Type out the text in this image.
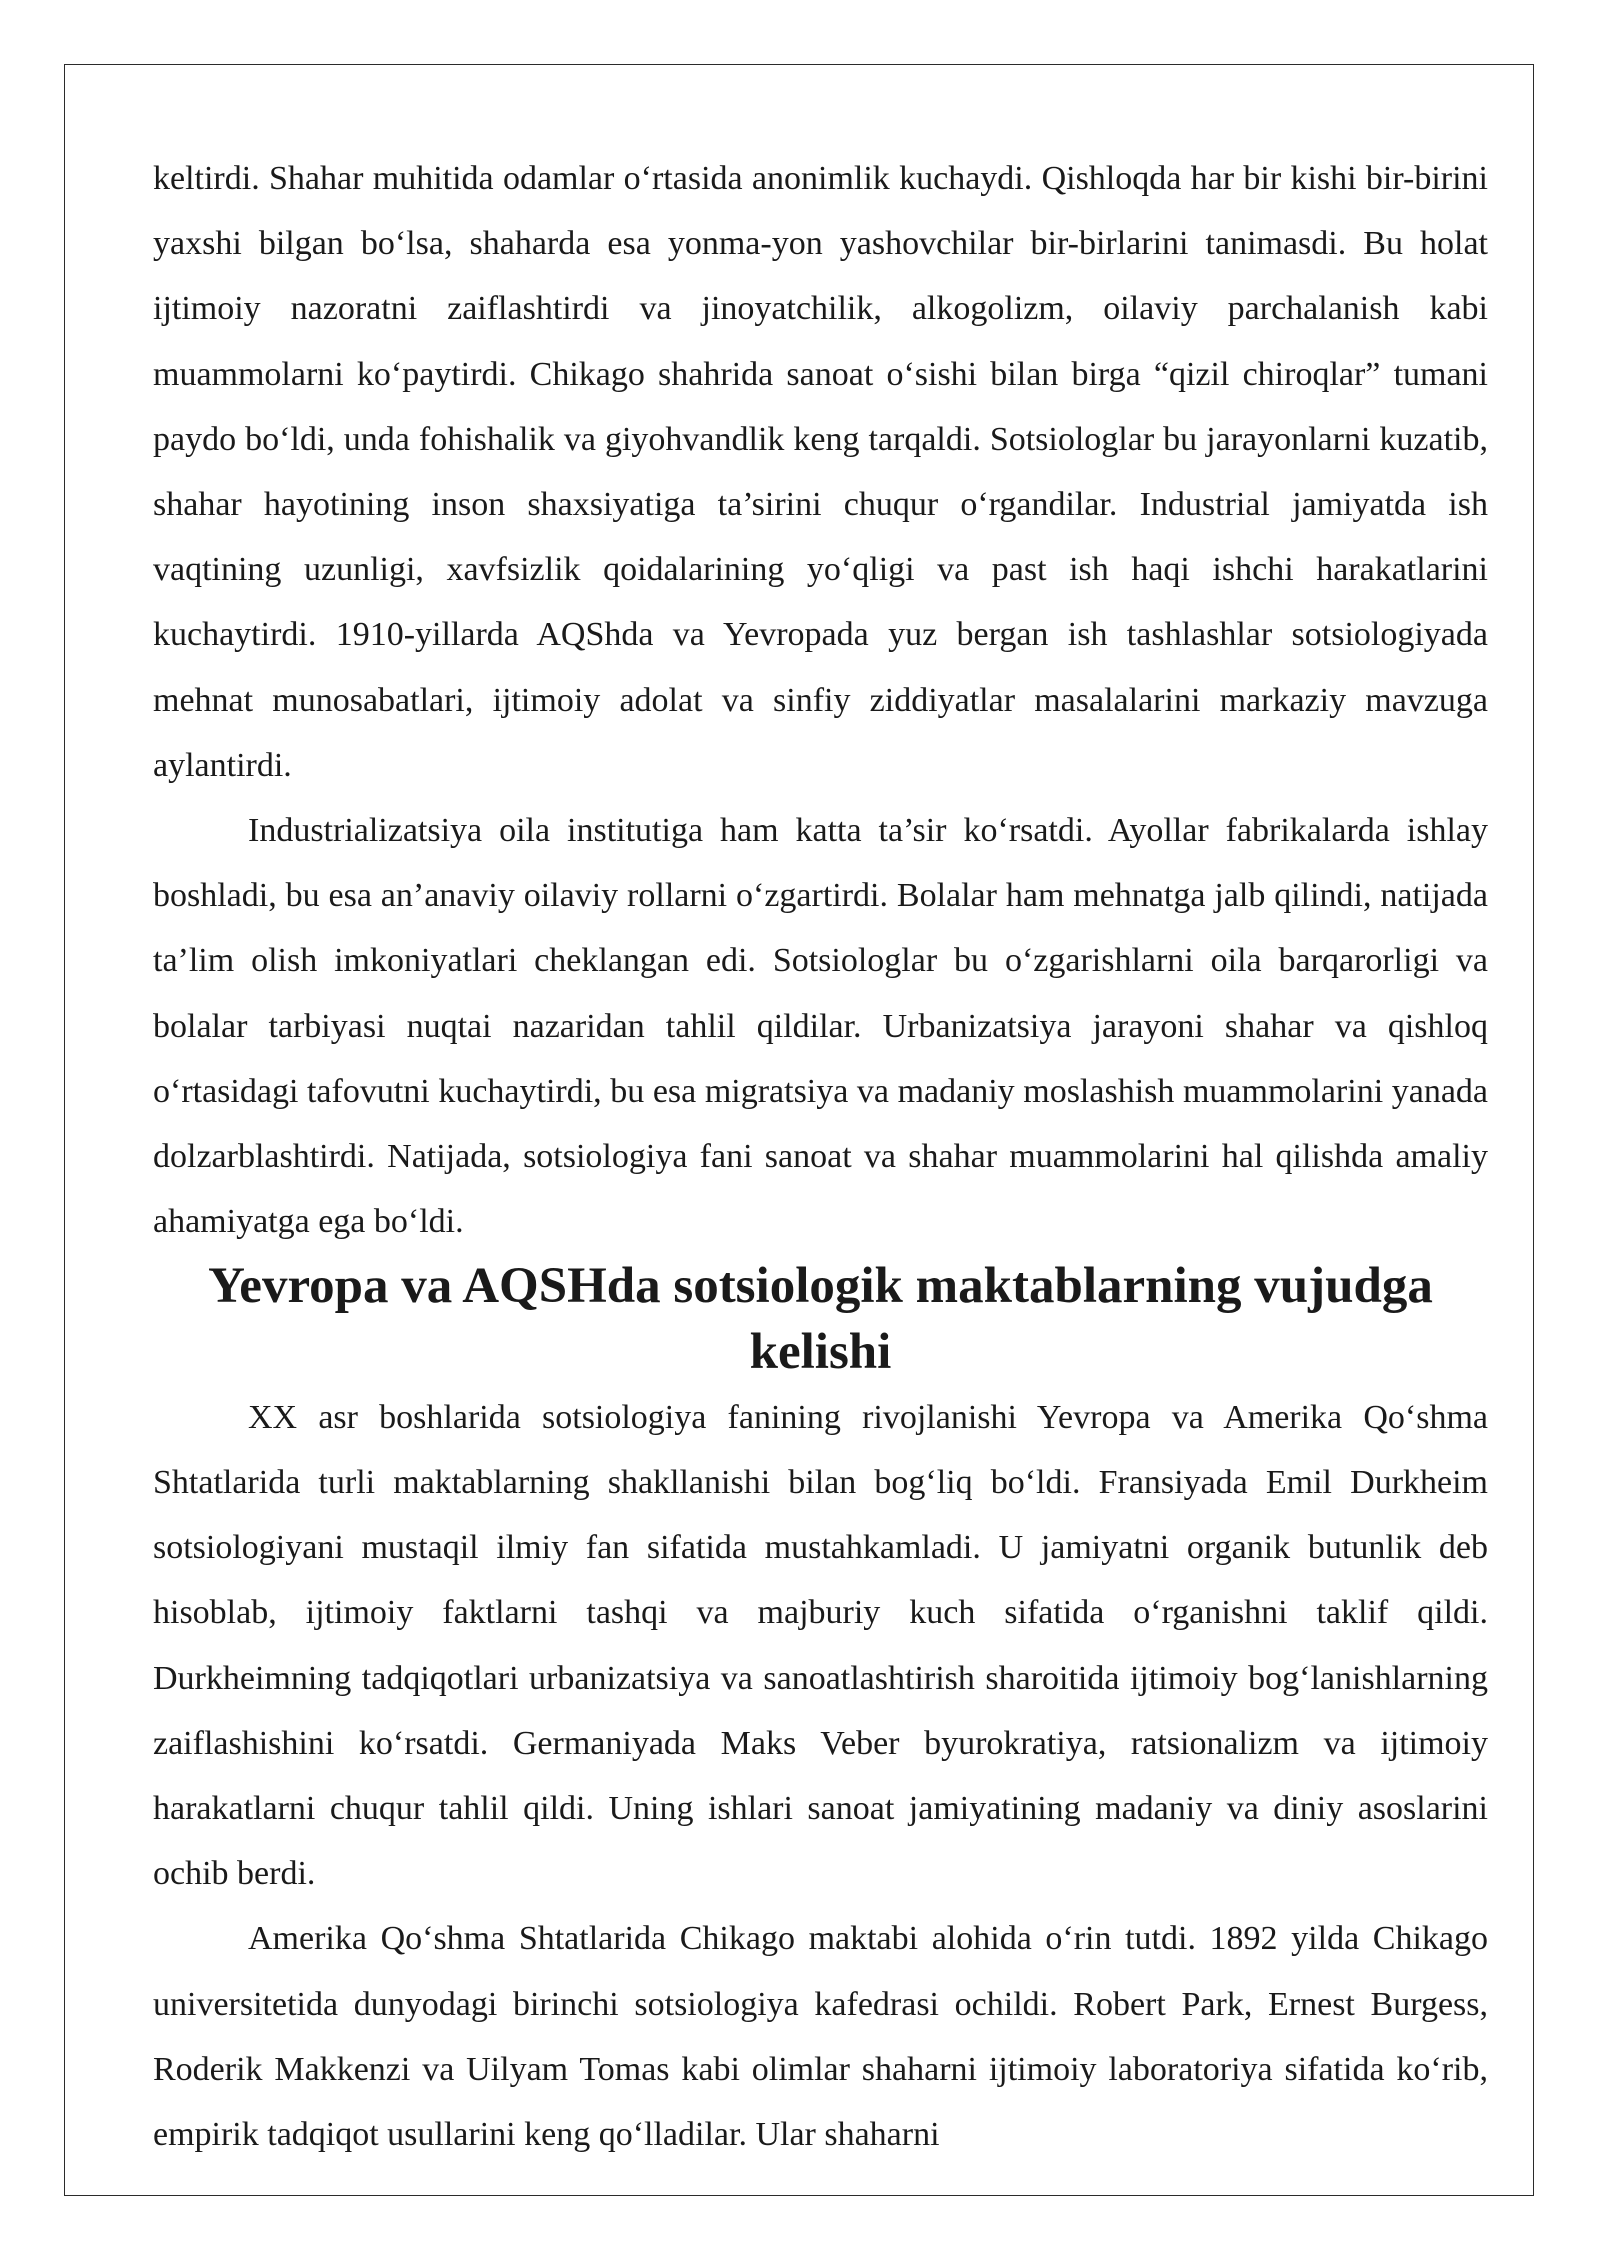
keltirdi. Shahar muhitida odamlar o‘rtasida anonimlik kuchaydi. Qishloqda har bir kishi bir-birini yaxshi bilgan bo‘lsa, shaharda esa yonma-yon yashovchilar bir-birlarini tanimasdi. Bu holat ijtimoiy nazoratni zaiflashtirdi va jinoyatchilik, alkogolizm, oilaviy parchalanish kabi muammolarni ko‘paytirdi. Chikago shahrida sanoat o‘sishi bilan birga “qizil chiroqlar” tumani paydo bo‘ldi, unda fohishalik va giyohvandlik keng tarqaldi. Sotsiologlar bu jarayonlarni kuzatib, shahar hayotining inson shaxsiyatiga ta’sirini chuqur o‘rgandilar. Industrial jamiyatda ish vaqtining uzunligi, xavfsizlik qoidalarining yo‘qligi va past ish haqi ishchi harakatlarini kuchaytirdi. 1910-yillarda AQShda va Yevropada yuz bergan ish tashlashlar sotsiologiyada mehnat munosabatlari, ijtimoiy adolat va sinfiy ziddiyatlar masalalarini markaziy mavzuga aylantirdi.

Industrializatsiya oila institutiga ham katta ta’sir ko‘rsatdi. Ayollar fabrikalarda ishlay boshladi, bu esa an’anaviy oilaviy rollarni o‘zgartirdi. Bolalar ham mehnatga jalb qilindi, natijada ta’lim olish imkoniyatlari cheklangan edi. Sotsiologlar bu o‘zgarishlarni oila barqarorligi va bolalar tarbiyasi nuqtai nazaridan tahlil qildilar. Urbanizatsiya jarayoni shahar va qishloq o‘rtasidagi tafovutni kuchaytirdi, bu esa migratsiya va madaniy moslashish muammolarini yanada dolzarblashtirdi. Natijada, sotsiologiya fani sanoat va shahar muammolarini hal qilishda amaliy ahamiyatga ega bo‘ldi.

Yevropa va AQSHda sotsiologik maktablarning vujudga kelishi

XX asr boshlarida sotsiologiya fanining rivojlanishi Yevropa va Amerika Qo‘shma Shtatlarida turli maktablarning shakllanishi bilan bog‘liq bo‘ldi. Fransiyada Emil Durkheim sotsiologiyani mustaqil ilmiy fan sifatida mustahkamladi. U jamiyatni organik butunlik deb hisoblab, ijtimoiy faktlarni tashqi va majburiy kuch sifatida o‘rganishni taklif qildi. Durkheimning tadqiqotlari urbanizatsiya va sanoatlashtirish sharoitida ijtimoiy bog‘lanishlarning zaiflashishini ko‘rsatdi. Germaniyada Maks Veber byurokratiya, ratsionalizm va ijtimoiy harakatlarni chuqur tahlil qildi. Uning ishlari sanoat jamiyatining madaniy va diniy asoslarini ochib berdi.

Amerika Qo‘shma Shtatlarida Chikago maktabi alohida o‘rin tutdi. 1892 yilda Chikago universitetida dunyodagi birinchi sotsiologiya kafedrasi ochildi. Robert Park, Ernest Burgess, Roderik Makkenzi va Uilyam Tomas kabi olimlar shaharni ijtimoiy laboratoriya sifatida ko‘rib, empirik tadqiqot usullarini keng qo‘lladilar. Ular shaharni
